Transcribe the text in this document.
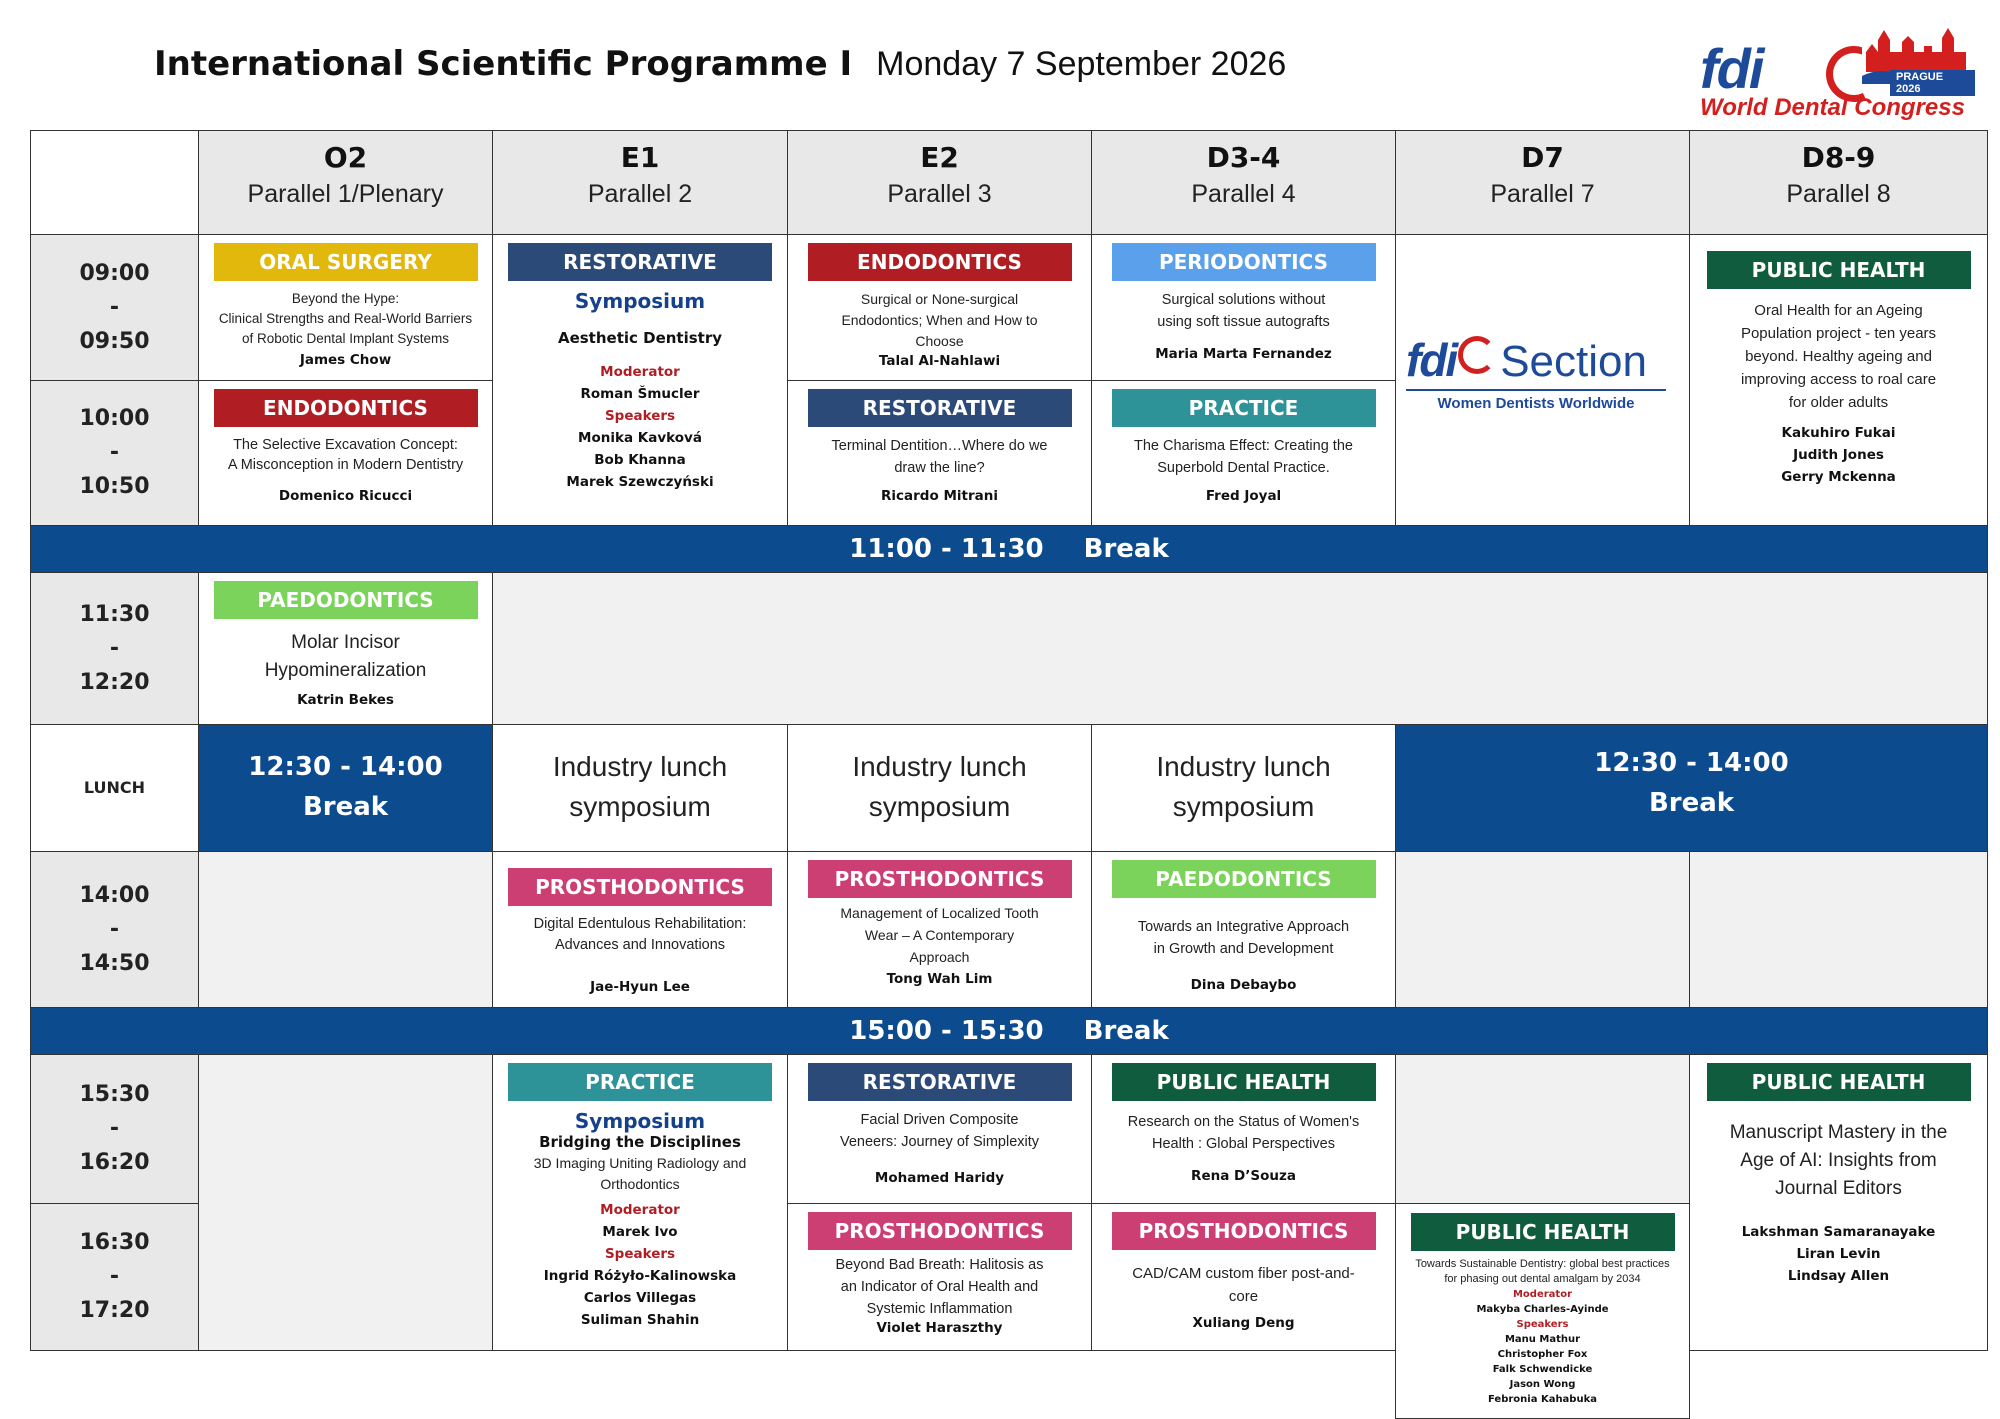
International Scientific Programme I Monday 7 September 2026	fdi	PRAGUE 2026
World Dental Congress
O2
Parallel 1/Plenary
E1
Parallel 2
E2
Parallel 3
D3-4
Parallel 4
D7
Parallel 7
D8-9
Parallel 8
09:00
-
09:50
10:00
-
10:50
11:30
-
12:20
LUNCH
14:00
-
14:50
15:30
-
16:20
16:30
-
17:20
11:00 - 11:30 Break
15:00 - 15:30 Break
ORAL SURGERY
Beyond the Hype:
Clinical Strengths and Real-World Barriers
of Robotic Dental Implant Systems
James Chow
ENDODONTICS
The Selective Excavation Concept:
A Misconception in Modern Dentistry
Domenico Ricucci
RESTORATIVE
Symposium
Aesthetic Dentistry
Moderator
Roman Šmucler
Speakers
Monika Kavková
Bob Khanna
Marek Szewczyński
ENDODONTICS
Surgical or None-surgical
Endodontics; When and How to
Choose
Talal Al-Nahlawi
RESTORATIVE
Terminal Dentition…Where do we
draw the line?
Ricardo Mitrani
PERIODONTICS
Surgical solutions without
using soft tissue autografts
Maria Marta Fernandez
PRACTICE
The Charisma Effect: Creating the
Superbold Dental Practice.
Fred Joyal
fdi Section
Women Dentists Worldwide
PUBLIC HEALTH
Oral Health for an Ageing
Population project - ten years
beyond. Healthy ageing and
improving access to roal care
for older adults
Kakuhiro Fukai
Judith Jones
Gerry Mckenna
PAEDODONTICS
Molar Incisor
Hypomineralization
Katrin Bekes
12:30 - 14:00
Break
Industry lunch
symposium
Industry lunch
symposium
Industry lunch
symposium
12:30 - 14:00
Break
PROSTHODONTICS
Digital Edentulous Rehabilitation:
Advances and Innovations
Jae-Hyun Lee
PROSTHODONTICS
Management of Localized Tooth
Wear – A Contemporary
Approach
Tong Wah Lim
PAEDODONTICS
Towards an Integrative Approach
in Growth and Development
Dina Debaybo
PRACTICE
Symposium
Bridging the Disciplines
3D Imaging Uniting Radiology and
Orthodontics
Moderator
Marek Ivo
Speakers
Ingrid Różyło-Kalinowska
Carlos Villegas
Suliman Shahin
RESTORATIVE
Facial Driven Composite
Veneers: Journey of Simplexity
Mohamed Haridy
PROSTHODONTICS
Beyond Bad Breath: Halitosis as
an Indicator of Oral Health and
Systemic Inflammation
Violet Haraszthy
PUBLIC HEALTH
Research on the Status of Women's
Health : Global Perspectives
Rena D’Souza
PROSTHODONTICS
CAD/CAM custom fiber post-and-
core
Xuliang Deng
PUBLIC HEALTH
Towards Sustainable Dentistry: global best practices
for phasing out dental amalgam by 2034
Moderator
Makyba Charles-Ayinde
Speakers
Manu Mathur
Christopher Fox
Falk Schwendicke
Jason Wong
Febronia Kahabuka
PUBLIC HEALTH
Manuscript Mastery in the
Age of AI: Insights from
Journal Editors
Lakshman Samaranayake
Liran Levin
Lindsay Allen
